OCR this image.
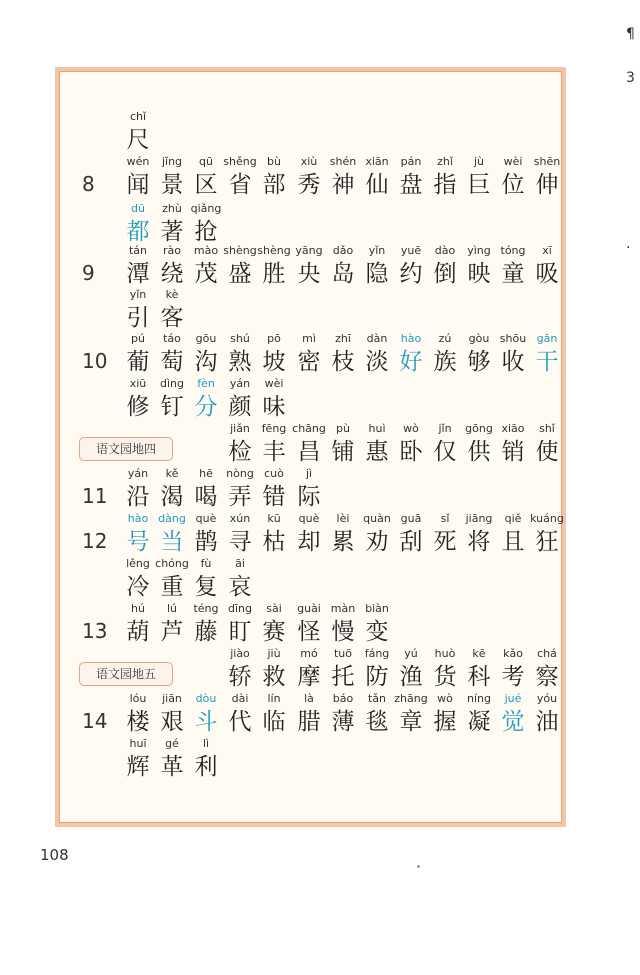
chǐ
尺
8
wén
闻
jǐng
景
qū
区
shěng
省
bù
部
xiù
秀
shén
神
xiān
仙
pán
盘
zhǐ
指
jù
巨
wèi
位
shēn
伸
dū
都
zhù
著
qiǎng
抢
9
tán
潭
rào
绕
mào
茂
shèng
盛
shèng
胜
yāng
央
dǎo
岛
yǐn
隐
yuē
约
dào
倒
yìng
映
tóng
童
xī
吸
yǐn
引
kè
客
10
pú
葡
táo
萄
gōu
沟
shú
熟
pō
坡
mì
密
zhī
枝
dàn
淡
hào
好
zú
族
gòu
够
shōu
收
gān
干
xiū
修
dìng
钉
fèn
分
yán
颜
wèi
味
语文园地四
jiǎn
检
fēng
丰
chāng
昌
pù
铺
huì
惠
wò
卧
jǐn
仅
gōng
供
xiāo
销
shǐ
使
11
yán
沿
kě
渴
hē
喝
nòng
弄
cuò
错
jì
际
12
hào
号
dàng
当
què
鹊
xún
寻
kū
枯
què
却
lèi
累
quàn
劝
guā
刮
sǐ
死
jiāng
将
qiě
且
kuáng
狂
lěng
冷
chóng
重
fù
复
āi
哀
13
hú
葫
lú
芦
téng
藤
dīng
盯
sài
赛
guài
怪
màn
慢
biàn
变
语文园地五
jiào
轿
jiù
救
mó
摩
tuō
托
fáng
防
yú
渔
huò
货
kē
科
kǎo
考
chá
察
14
lóu
楼
jiān
艰
dòu
斗
dài
代
lín
临
là
腊
báo
薄
tǎn
毯
zhāng
章
wò
握
níng
凝
jué
觉
yóu
油
huī
辉
gé
革
lì
利
108
¶
3
·
